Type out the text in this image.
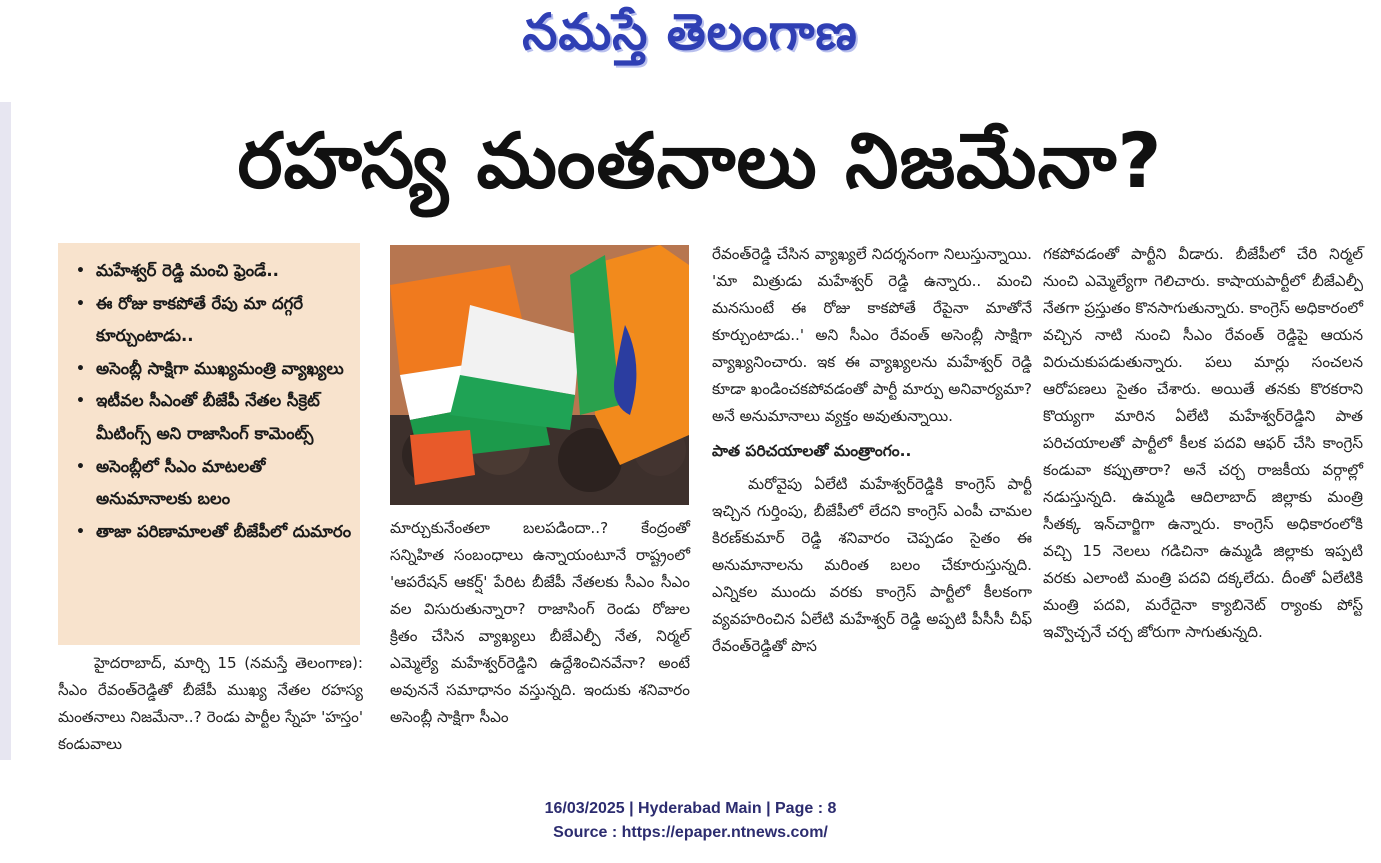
నమస్తే తెలంగాణ
రహస్య మంతనాలు నిజమేనా?
• మహేశ్వర్ రెడ్డి మంచి ఫ్రెండే..
• ఈ రోజు కాకపోతే రేపు మా దగ్గరే కూర్చుంటాడు..
• అసెంబ్లీ సాక్షిగా ముఖ్యమంత్రి వ్యాఖ్యలు
• ఇటీవల సీఎంతో బీజేపీ నేతల సీక్రెట్ మీటింగ్స్ అని రాజాసింగ్ కామెంట్స్
• అసెంబ్లీలో సీఎం మాటలతో అనుమానాలకు బలం
• తాజా పరిణామాలతో బీజేపీలో దుమారం

హైదరాబాద్, మార్చి 15 (నమస్తే తెలంగాణ): సీఎం రేవంత్‌రెడ్డితో బీజేపీ ముఖ్య నేతల రహస్య మంతనాలు నిజమేనా..? రెండు పార్టీల స్నేహ 'హస్తం' కండువాలు

మార్చుకునేంతలా బలపడిందా..? కేంద్రంతో సన్నిహిత సంబంధాలు ఉన్నాయంటూనే రాష్ట్రంలో 'ఆపరేషన్ ఆకర్ష్' పేరిట బీజేపీ నేతలకు సీఎం సీఎం వల విసురుతున్నారా? రాజాసింగ్ రెండు రోజుల క్రితం చేసిన వ్యాఖ్యలు బీజేఎల్పీ నేత, నిర్మల్ ఎమ్మెల్యే మహేశ్వర్‌రెడ్డిని ఉద్దేశించినవేనా? అంటే అవుననే సమాధానం వస్తున్నది. ఇందుకు శనివారం అసెంబ్లీ సాక్షిగా సీఎం

రేవంత్‌రెడ్డి చేసిన వ్యాఖ్యలే నిదర్శనంగా నిలుస్తున్నాయి. 'మా మిత్రుడు మహేశ్వర్ రెడ్డి ఉన్నారు.. మంచి మనసుంటే ఈ రోజు కాకపోతే రేపైనా మాతోనే కూర్చుంటాడు..' అని సీఎం రేవంత్ అసెంబ్లీ సాక్షిగా వ్యాఖ్యనించారు. ఇక ఈ వ్యాఖ్యలను మహేశ్వర్ రెడ్డి కూడా ఖండించకపోవడంతో పార్టీ మార్పు అనివార్యమా? అనే అనుమానాలు వ్యక్తం అవుతున్నాయి.

పాత పరిచయాలతో మంత్రాంగం..

మరోవైపు ఏలేటి మహేశ్వర్‌రెడ్డికి కాంగ్రెస్ పార్టీ ఇచ్చిన గుర్తింపు, బీజేపీలో లేదని కాంగ్రెస్ ఎంపీ చామల కిరణ్‌కుమార్ రెడ్డి శనివారం చెప్పడం సైతం ఈ అనుమానాలను మరింత బలం చేకూరుస్తున్నది. ఎన్నికల ముందు వరకు కాంగ్రెస్ పార్టీలో కీలకంగా వ్యవహరించిన ఏలేటి మహేశ్వర్ రెడ్డి అప్పటి పీసీసీ చీఫ్ రేవంత్‌రెడ్డితో పొస

గకపోవడంతో పార్టీని వీడారు. బీజేపీలో చేరి నిర్మల్ నుంచి ఎమ్మెల్యేగా గెలిచారు. కాషాయపార్టీలో బీజేఎల్పీ నేతగా ప్రస్తుతం కొనసాగుతున్నారు. కాంగ్రెస్ అధికారంలో వచ్చిన నాటి నుంచి సీఎం రేవంత్ రెడ్డిపై ఆయన విరుచుకుపడుతున్నారు. పలు మార్లు సంచలన ఆరోపణలు సైతం చేశారు. అయితే తనకు కొరకరాని కొయ్యగా మారిన ఏలేటి మహేశ్వర్‌రెడ్డిని పాత పరిచయాలతో పార్టీలో కీలక పదవి ఆఫర్ చేసి కాంగ్రెస్ కండువా కప్పుతారా? అనే చర్చ రాజకీయ వర్గాల్లో నడుస్తున్నది. ఉమ్మడి ఆదిలాబాద్ జిల్లాకు మంత్రి సీతక్క ఇన్‌చార్జిగా ఉన్నారు. కాంగ్రెస్ అధికారంలోకి వచ్చి 15 నెలలు గడిచినా ఉమ్మడి జిల్లాకు ఇప్పటి వరకు ఎలాంటి మంత్రి పదవి దక్కలేదు. దీంతో ఏలేటికి మంత్రి పదవి, మరేదైనా క్యాబినెట్ ర్యాంకు పోస్ట్ ఇవ్వొచ్చనే చర్చ జోరుగా సాగుతున్నది.

16/03/2025 | Hyderabad Main | Page : 8
Source : https://epaper.ntnews.com/
